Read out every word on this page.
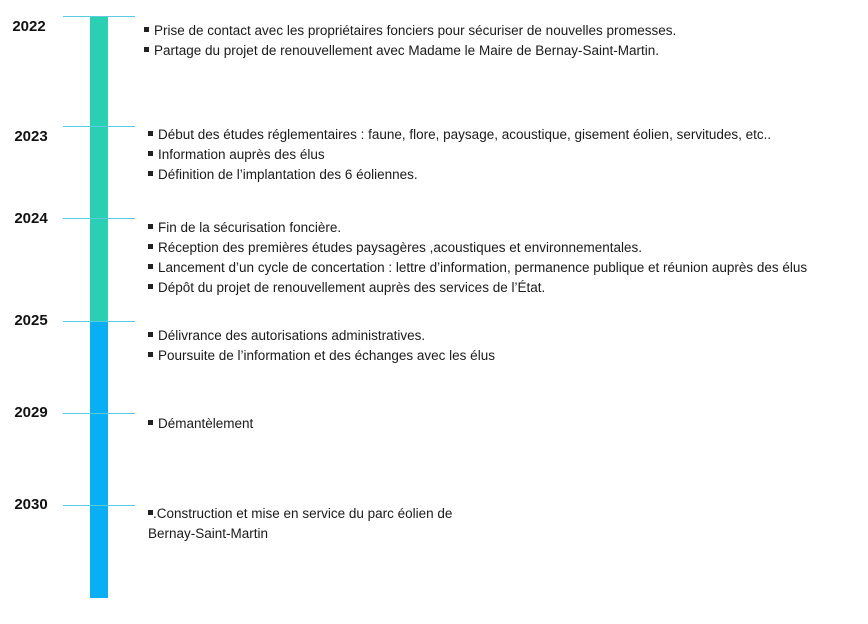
2022
2023
2024
2025
2029
2030
Prise de contact avec les propriétaires fonciers pour sécuriser de nouvelles promesses.
Partage du projet de renouvellement avec Madame le Maire de Bernay-Saint-Martin.
Début des études réglementaires : faune, flore, paysage, acoustique, gisement éolien, servitudes, etc..
Information auprès des élus
Définition de l’implantation des 6 éoliennes.
Fin de la sécurisation foncière.
Réception des premières études paysagères ,acoustiques et environnementales.
Lancement d’un cycle de concertation : lettre d’information, permanence publique et réunion auprès des élus
Dépôt du projet de renouvellement auprès des services de l’État.
Délivrance des autorisations administratives.
Poursuite de l’information et des échanges avec les élus
Démantèlement
.Construction et mise en service du parc éolien de
Bernay-Saint-Martin
